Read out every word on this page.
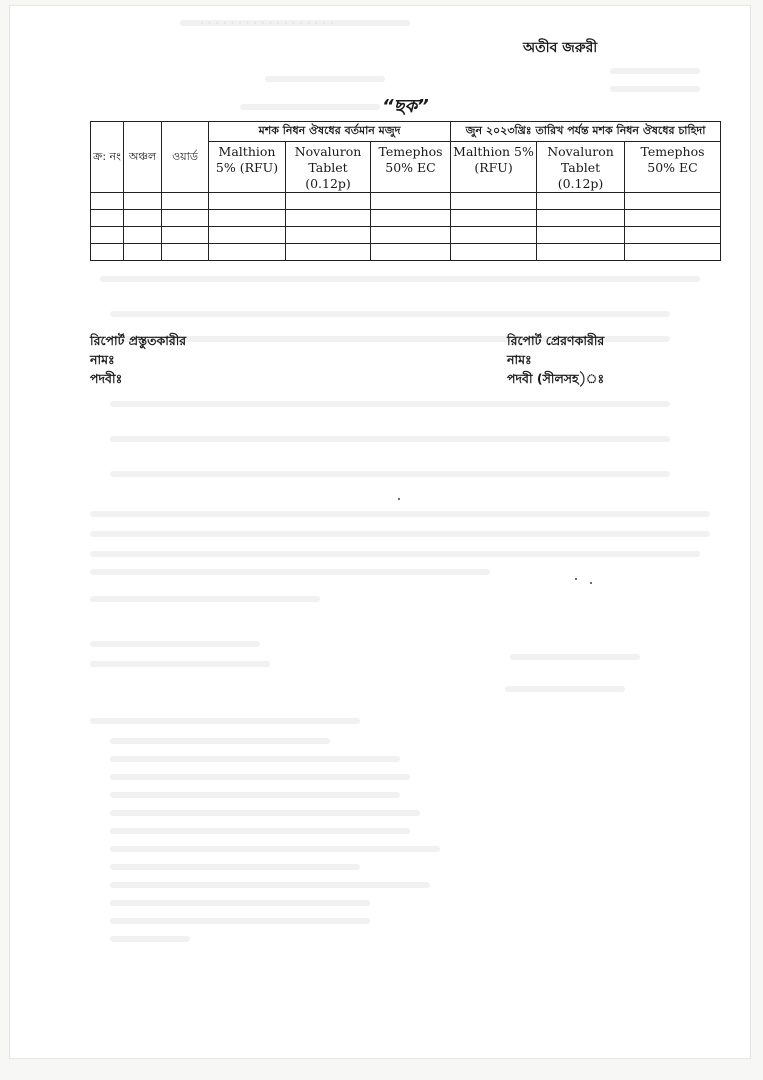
· · · · · · · · · · · · · · · · · ·
অতীব জরুরী
“ছক”
ক্র: নং	অঞ্চল	ওয়ার্ড	মশক নিধন ঔষধের বর্তমান মজুদ			জুন ২০২৩খ্রিঃ তারিখ পর্যন্ত মশক নিধন ঔষধের চাহিদা		
			Malthion 5% (RFU)	Novaluron Tablet (0.12p)	Temephos 50% EC	Malthion 5% (RFU)	Novaluron Tablet (0.12p)	Temephos 50% EC

রিপোর্ট প্রস্তুতকারীর
নামঃ
পদবীঃ
রিপোর্ট প্রেরণকারীর
নামঃ
পদবী (সীলসহ)ঃ
